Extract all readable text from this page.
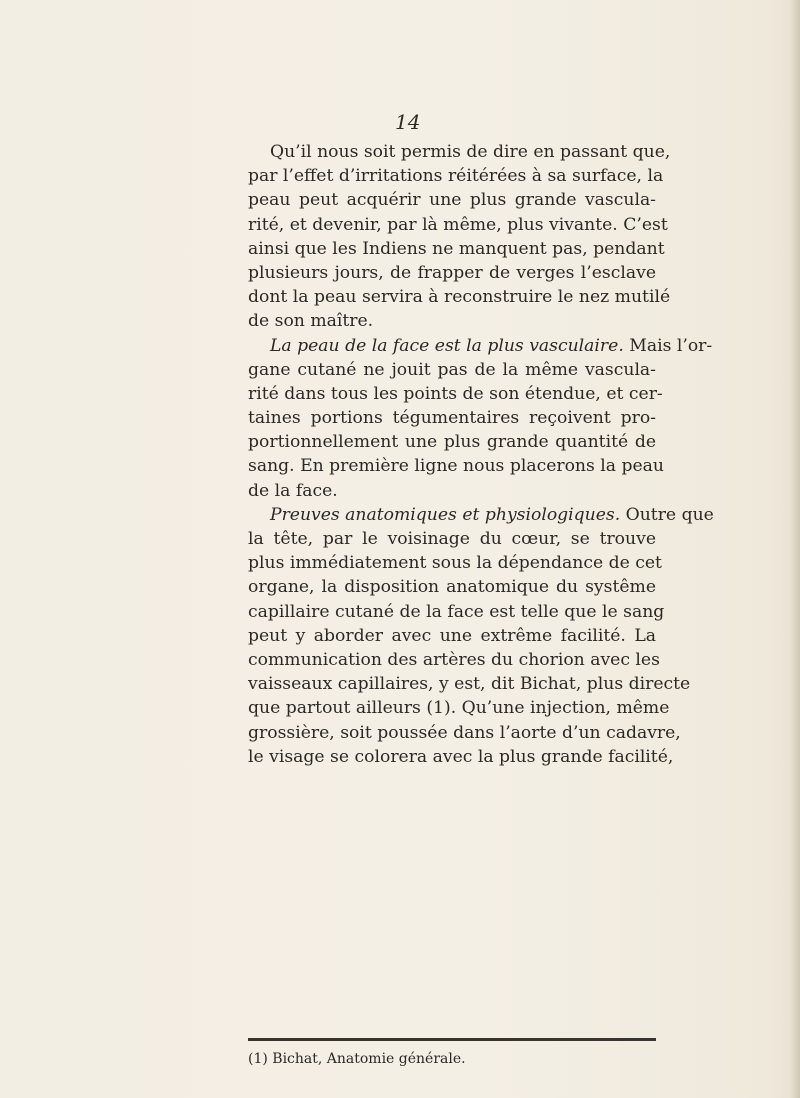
14
Qu’il nous soit permis de dire en passant que,
par l’effet d’irritations réitérées à sa surface, la
peau peut acquérir une plus grande vascula-
rité, et devenir, par là même, plus vivante. C’est
ainsi que les Indiens ne manquent pas, pendant
plusieurs jours, de frapper de verges l’esclave
dont la peau servira à reconstruire le nez mutilé
de son maître.
La peau de la face est la plus vasculaire. Mais l’or-
gane cutané ne jouit pas de la même vascula-
rité dans tous les points de son étendue, et cer-
taines portions tégumentaires reçoivent pro-
portionnellement une plus grande quantité de
sang. En première ligne nous placerons la peau
de la face.
Preuves anatomiques et physiologiques. Outre que
la tête, par le voisinage du cœur, se trouve
plus immédiatement sous la dépendance de cet
organe, la disposition anatomique du systême
capillaire cutané de la face est telle que le sang
peut y aborder avec une extrême facilité. La
communication des artères du chorion avec les
vaisseaux capillaires, y est, dit Bichat, plus directe
que partout ailleurs (1). Qu’une injection, même
grossière, soit poussée dans l’aorte d’un cadavre,
le visage se colorera avec la plus grande facilité,
(1) Bichat, Anatomie générale.
